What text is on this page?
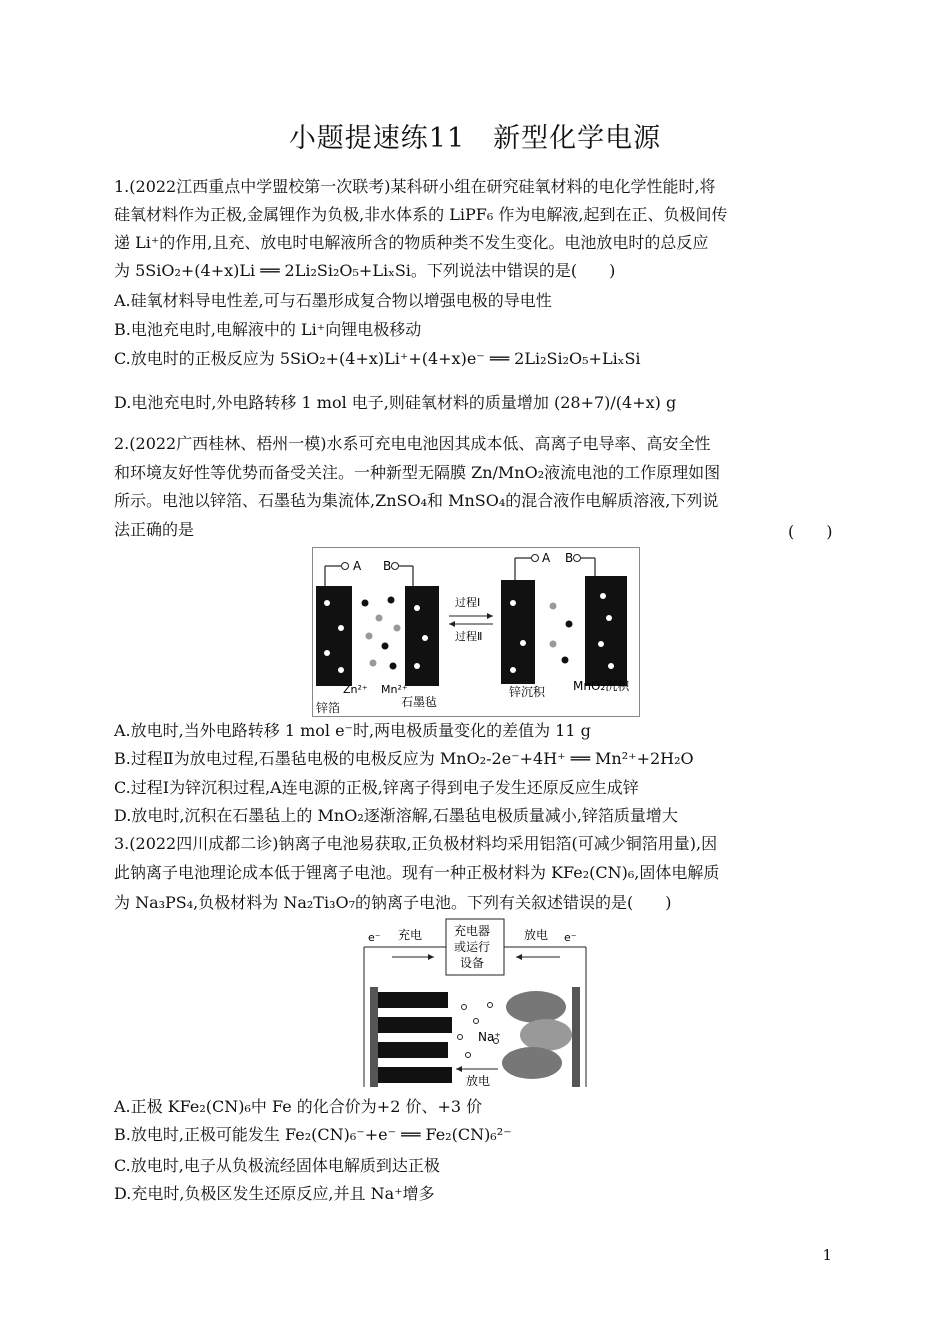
小题提速练11　新型化学电源
1.(2022江西重点中学盟校第一次联考)某科研小组在研究硅氧材料的电化学性能时,将
硅氧材料作为正极,金属锂作为负极,非水体系的 LiPF₆ 作为电解液,起到在正、负极间传
递 Li⁺的作用,且充、放电时电解液所含的物质种类不发生变化。电池放电时的总反应
为 5SiO₂+(4+x)Li ══ 2Li₂Si₂O₅+LiₓSi。下列说法中错误的是(　　)
A.硅氧材料导电性差,可与石墨形成复合物以增强电极的导电性
B.电池充电时,电解液中的 Li⁺向锂电极移动
C.放电时的正极反应为 5SiO₂+(4+x)Li⁺+(4+x)e⁻ ══ 2Li₂Si₂O₅+LiₓSi
D.电池充电时,外电路转移 1 mol 电子,则硅氧材料的质量增加 (28+7)/(4+x) g
2.(2022广西桂林、梧州一模)水系可充电电池因其成本低、高离子电导率、高安全性
和环境友好性等优势而备受关注。一种新型无隔膜 Zn/MnO₂液流电池的工作原理如图
所示。电池以锌箔、石墨毡为集流体,ZnSO₄和 MnSO₄的混合液作电解质溶液,下列说
法正确的是	(　　)
A B
Zn²⁺ Mn²⁺
锌箔	石墨毡
过程Ⅰ
过程Ⅱ
A B
锌沉积 MnO₂沉积
A.放电时,当外电路转移 1 mol e⁻时,两电极质量变化的差值为 11 g
B.过程Ⅱ为放电过程,石墨毡电极的电极反应为 MnO₂-2e⁻+4H⁺ ══ Mn²⁺+2H₂O
C.过程Ⅰ为锌沉积过程,A连电源的正极,锌离子得到电子发生还原反应生成锌
D.放电时,沉积在石墨毡上的 MnO₂逐渐溶解,石墨毡电极质量减小,锌箔质量增大
3.(2022四川成都二诊)钠离子电池易获取,正负极材料均采用铝箔(可减少铜箔用量),因
此钠离子电池理论成本低于锂离子电池。现有一种正极材料为 KFe₂(CN)₆,固体电解质
为 Na₃PS₄,负极材料为 Na₂Ti₃O₇的钠离子电池。下列有关叙述错误的是(　　)
充电器
或运行
设备
e⁻ 充电	放电 e⁻
Na⁺
放电
A.正极 KFe₂(CN)₆中 Fe 的化合价为+2 价、+3 价
B.放电时,正极可能发生 Fe₂(CN)₆⁻+e⁻ ══ Fe₂(CN)₆²⁻
C.放电时,电子从负极流经固体电解质到达正极
D.充电时,负极区发生还原反应,并且 Na⁺增多
1
